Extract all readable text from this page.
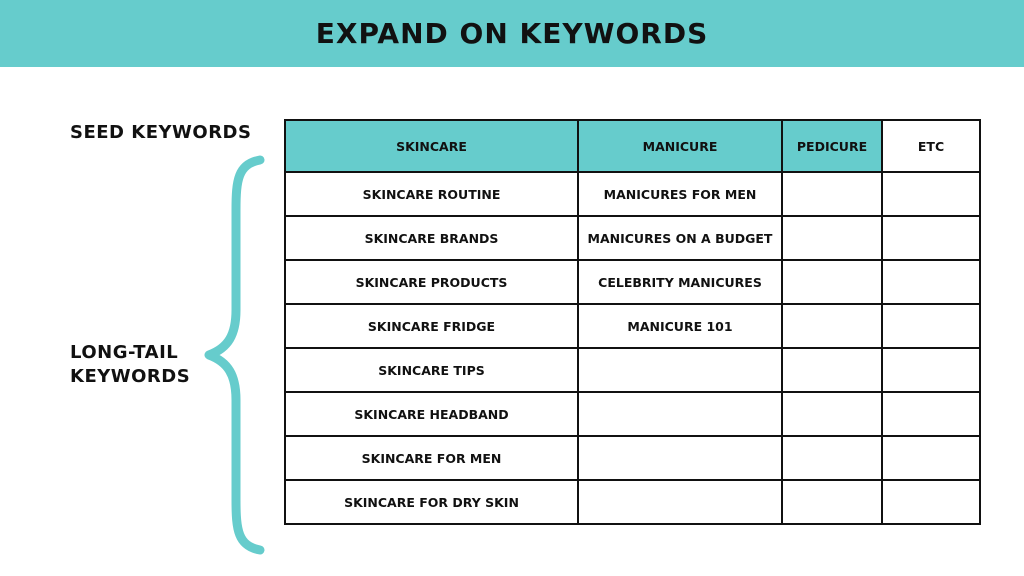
EXPAND ON KEYWORDS
SEED KEYWORDS
LONG-TAIL
KEYWORDS
SKINCARE	MANICURE	PEDICURE	ETC
SKINCARE ROUTINE	MANICURES FOR MEN		
SKINCARE BRANDS	MANICURES ON A BUDGET		
SKINCARE PRODUCTS	CELEBRITY MANICURES		
SKINCARE FRIDGE	MANICURE 101		
SKINCARE TIPS			
SKINCARE HEADBAND			
SKINCARE FOR MEN			
SKINCARE FOR DRY SKIN			
